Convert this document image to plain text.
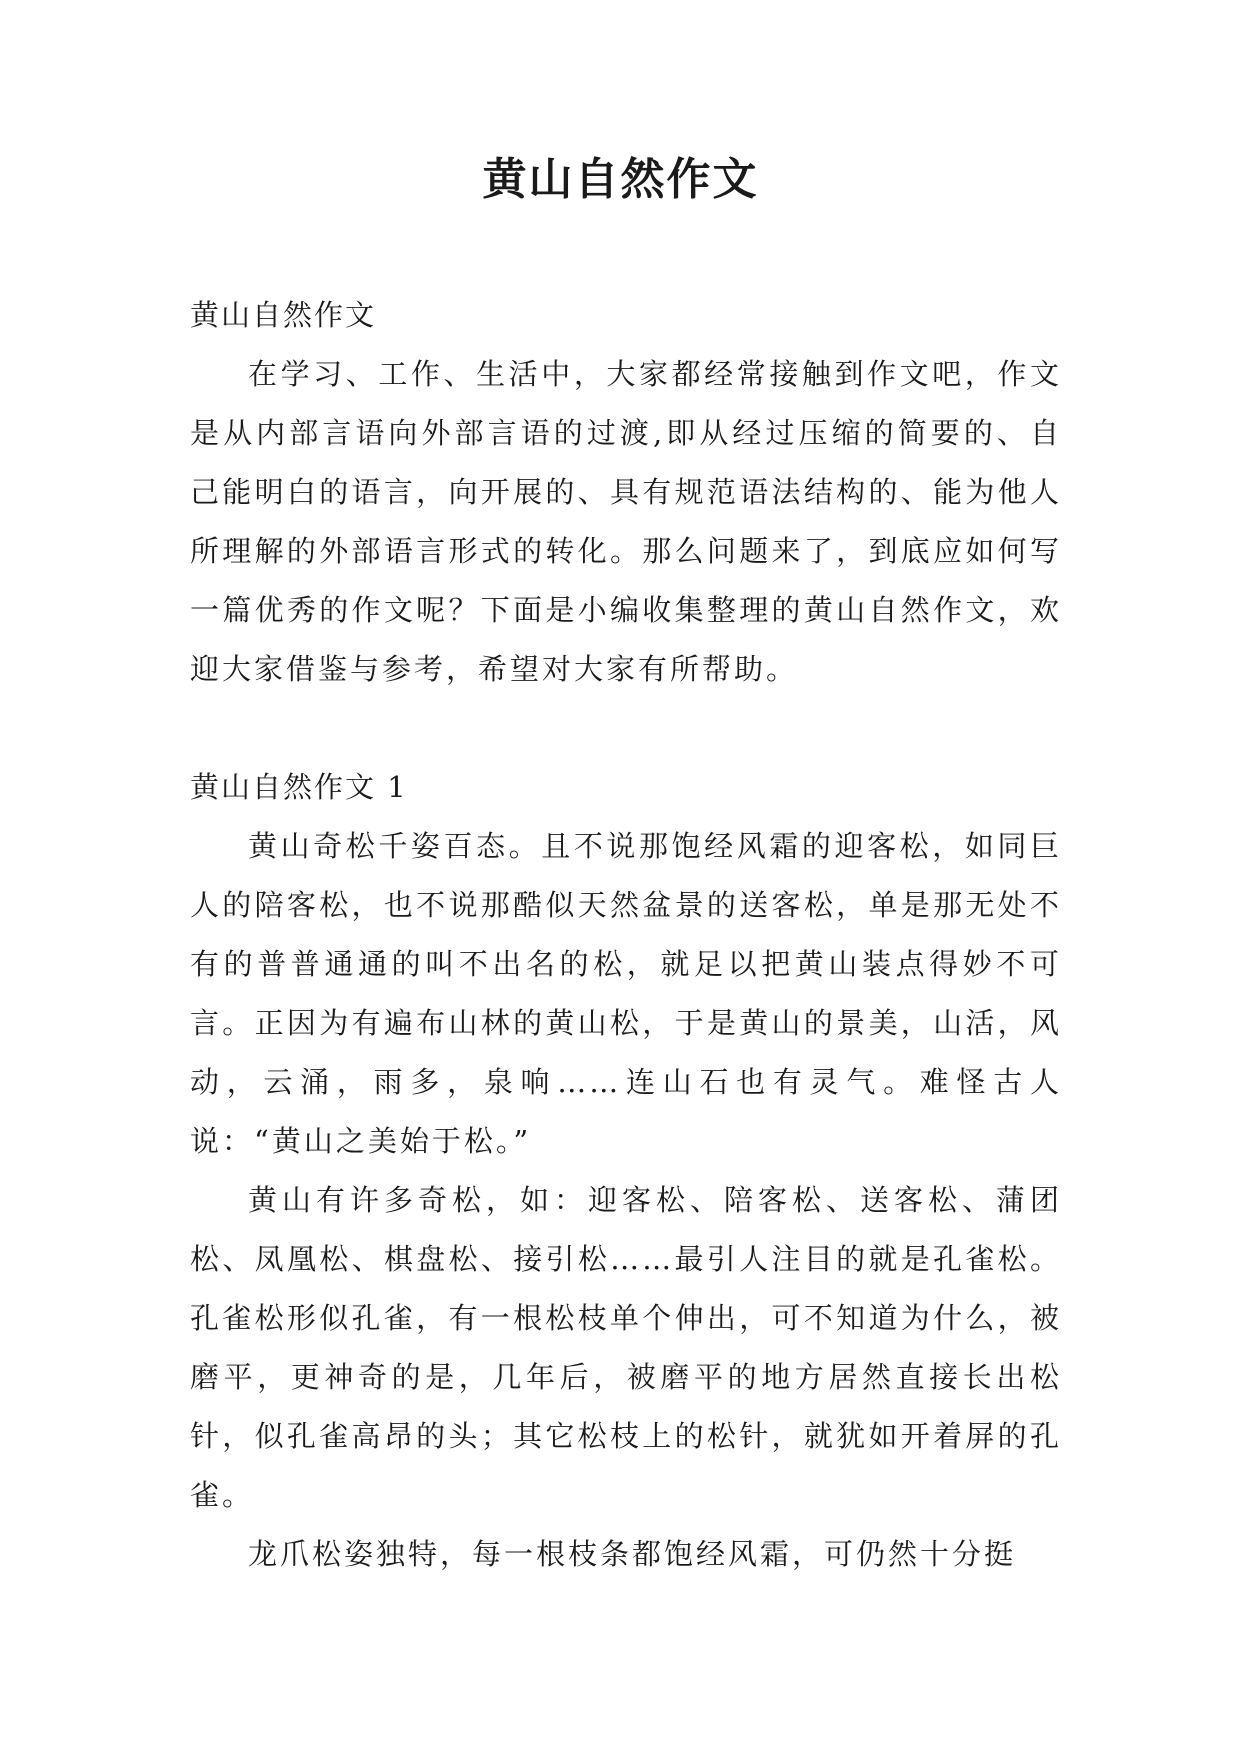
黄山自然作文

黄山自然作文

在学习、工作、生活中，大家都经常接触到作文吧，作文是从内部言语向外部言语的过渡,即从经过压缩的简要的、自己能明白的语言，向开展的、具有规范语法结构的、能为他人所理解的外部语言形式的转化。那么问题来了，到底应如何写一篇优秀的作文呢？下面是小编收集整理的黄山自然作文，欢迎大家借鉴与参考，希望对大家有所帮助。

黄山自然作文 1

黄山奇松千姿百态。且不说那饱经风霜的迎客松，如同巨人的陪客松，也不说那酷似天然盆景的送客松，单是那无处不有的普普通通的叫不出名的松，就足以把黄山装点得妙不可言。正因为有遍布山林的黄山松，于是黄山的景美，山活，风动，云涌，雨多，泉响……连山石也有灵气。难怪古人说：“黄山之美始于松。”

黄山有许多奇松，如：迎客松、陪客松、送客松、蒲团松、凤凰松、棋盘松、接引松……最引人注目的就是孔雀松。孔雀松形似孔雀，有一根松枝单个伸出，可不知道为什么，被磨平，更神奇的是，几年后，被磨平的地方居然直接长出松针，似孔雀高昂的头；其它松枝上的松针，就犹如开着屏的孔雀。

龙爪松姿独特，每一根枝条都饱经风霜，可仍然十分挺
